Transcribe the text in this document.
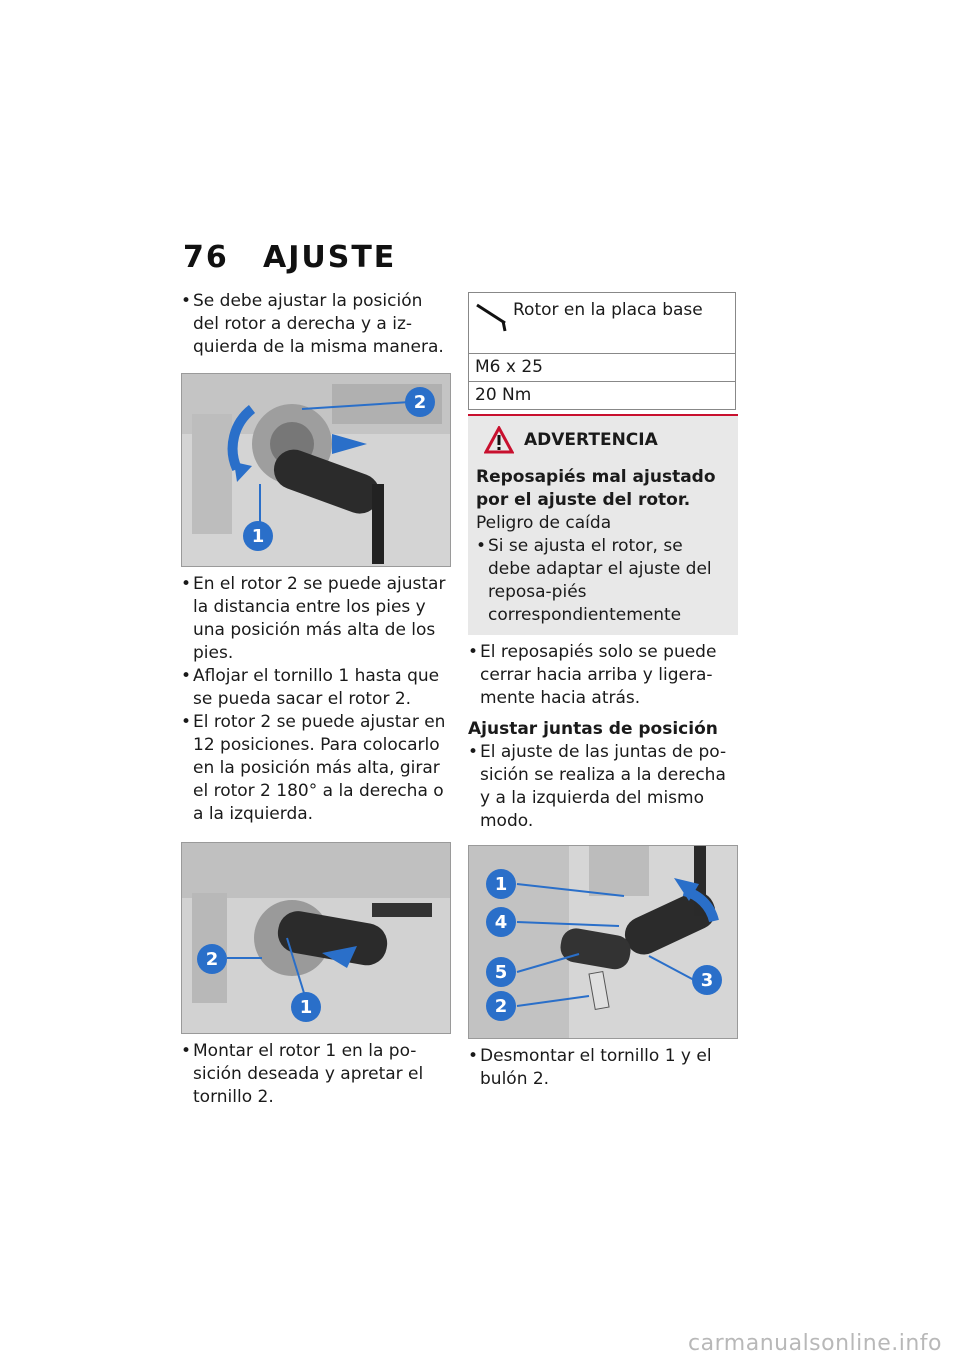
76 AJUSTE

• Se debe ajustar la posición del rotor a derecha y a iz-quierda de la misma manera.

2
1

• En el rotor 2 se puede ajustar la distancia entre los pies y una posición más alta de los pies.

• Aflojar el tornillo 1 hasta que se pueda sacar el rotor 2.

• El rotor 2 se puede ajustar en 12 posiciones. Para colocarlo en la posición más alta, girar el rotor 2 180° a la derecha o a la izquierda.

2
1

• Montar el rotor 1 en la po-sición deseada y apretar el tornillo 2.

Rotor en la placa base
M6 x 25
20 Nm
ADVERTENCIA
Reposapiés mal ajustado por el ajuste del rotor.
Peligro de caída

• Si se ajusta el rotor, se debe adaptar el ajuste del reposa-piés correspondientemente

• El reposapiés solo se puede cerrar hacia arriba y ligera-mente hacia atrás.

Ajustar juntas de posición

• El ajuste de las juntas de po-sición se realiza a la derecha y a la izquierda del mismo modo.

1
4
5
2
3

• Desmontar el tornillo 1 y el bulón 2.

carmanualsonline.info
